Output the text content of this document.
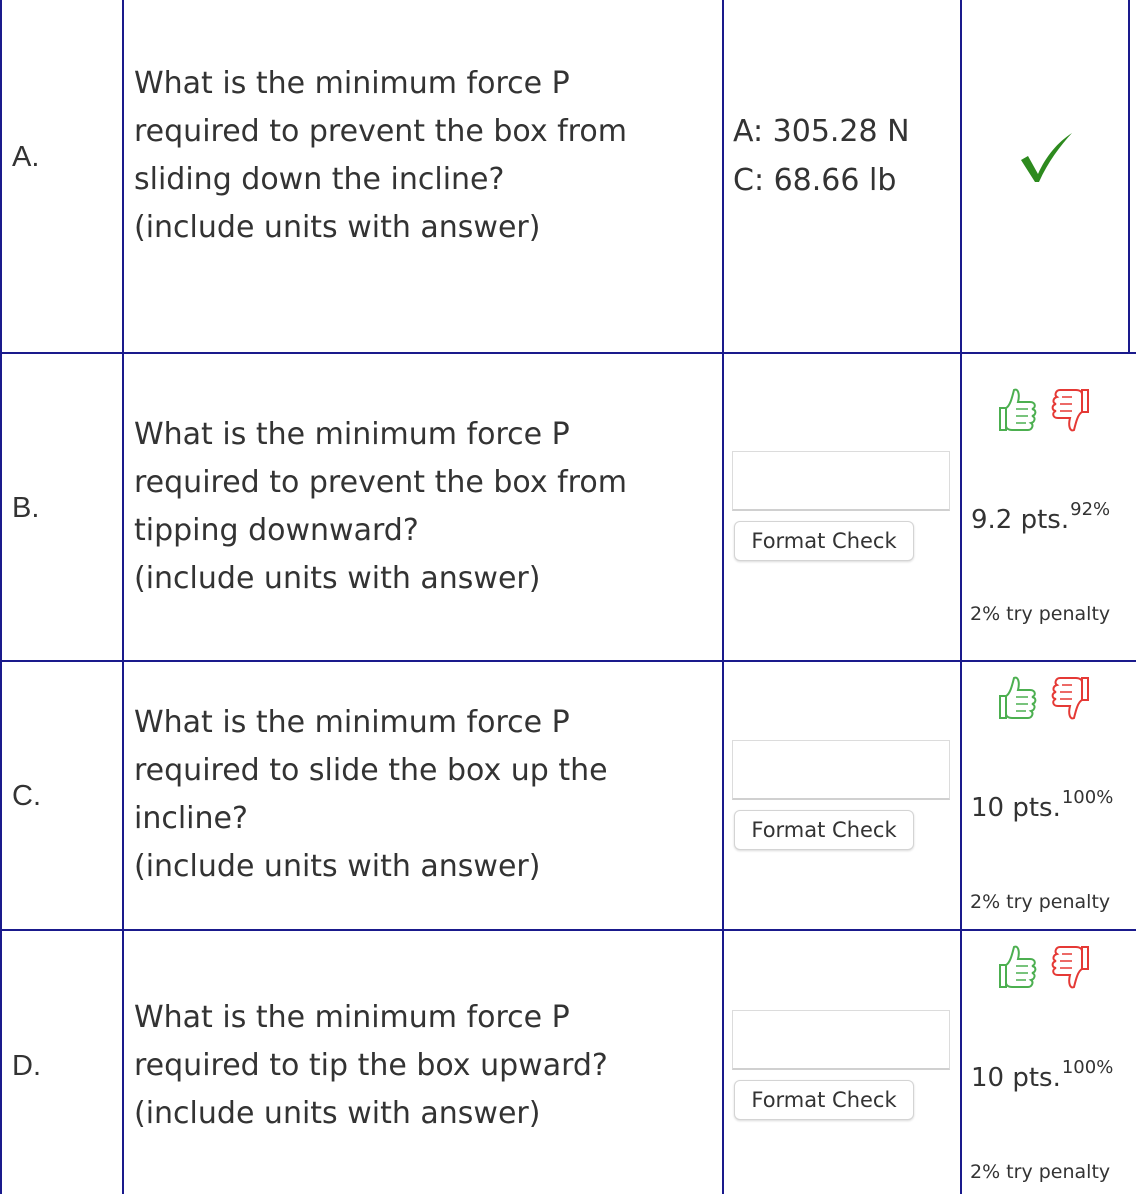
A.
What is the minimum force P
required to prevent the box from
sliding down the incline?
(include units with answer)
A: 305.28 N
C: 68.66 lb
B.
What is the minimum force P
required to prevent the box from
tipping downward?
(include units with answer)
Format Check
9.2 pts.$^{92\%}$
2% try penalty
C.
What is the minimum force P
required to slide the box up the
incline?
(include units with answer)
Format Check
10 pts.$^{100\%}$
2% try penalty
D.
What is the minimum force P
required to tip the box upward?
(include units with answer)	Format Check
10 pts.$^{100\%}$
2% try penalty
